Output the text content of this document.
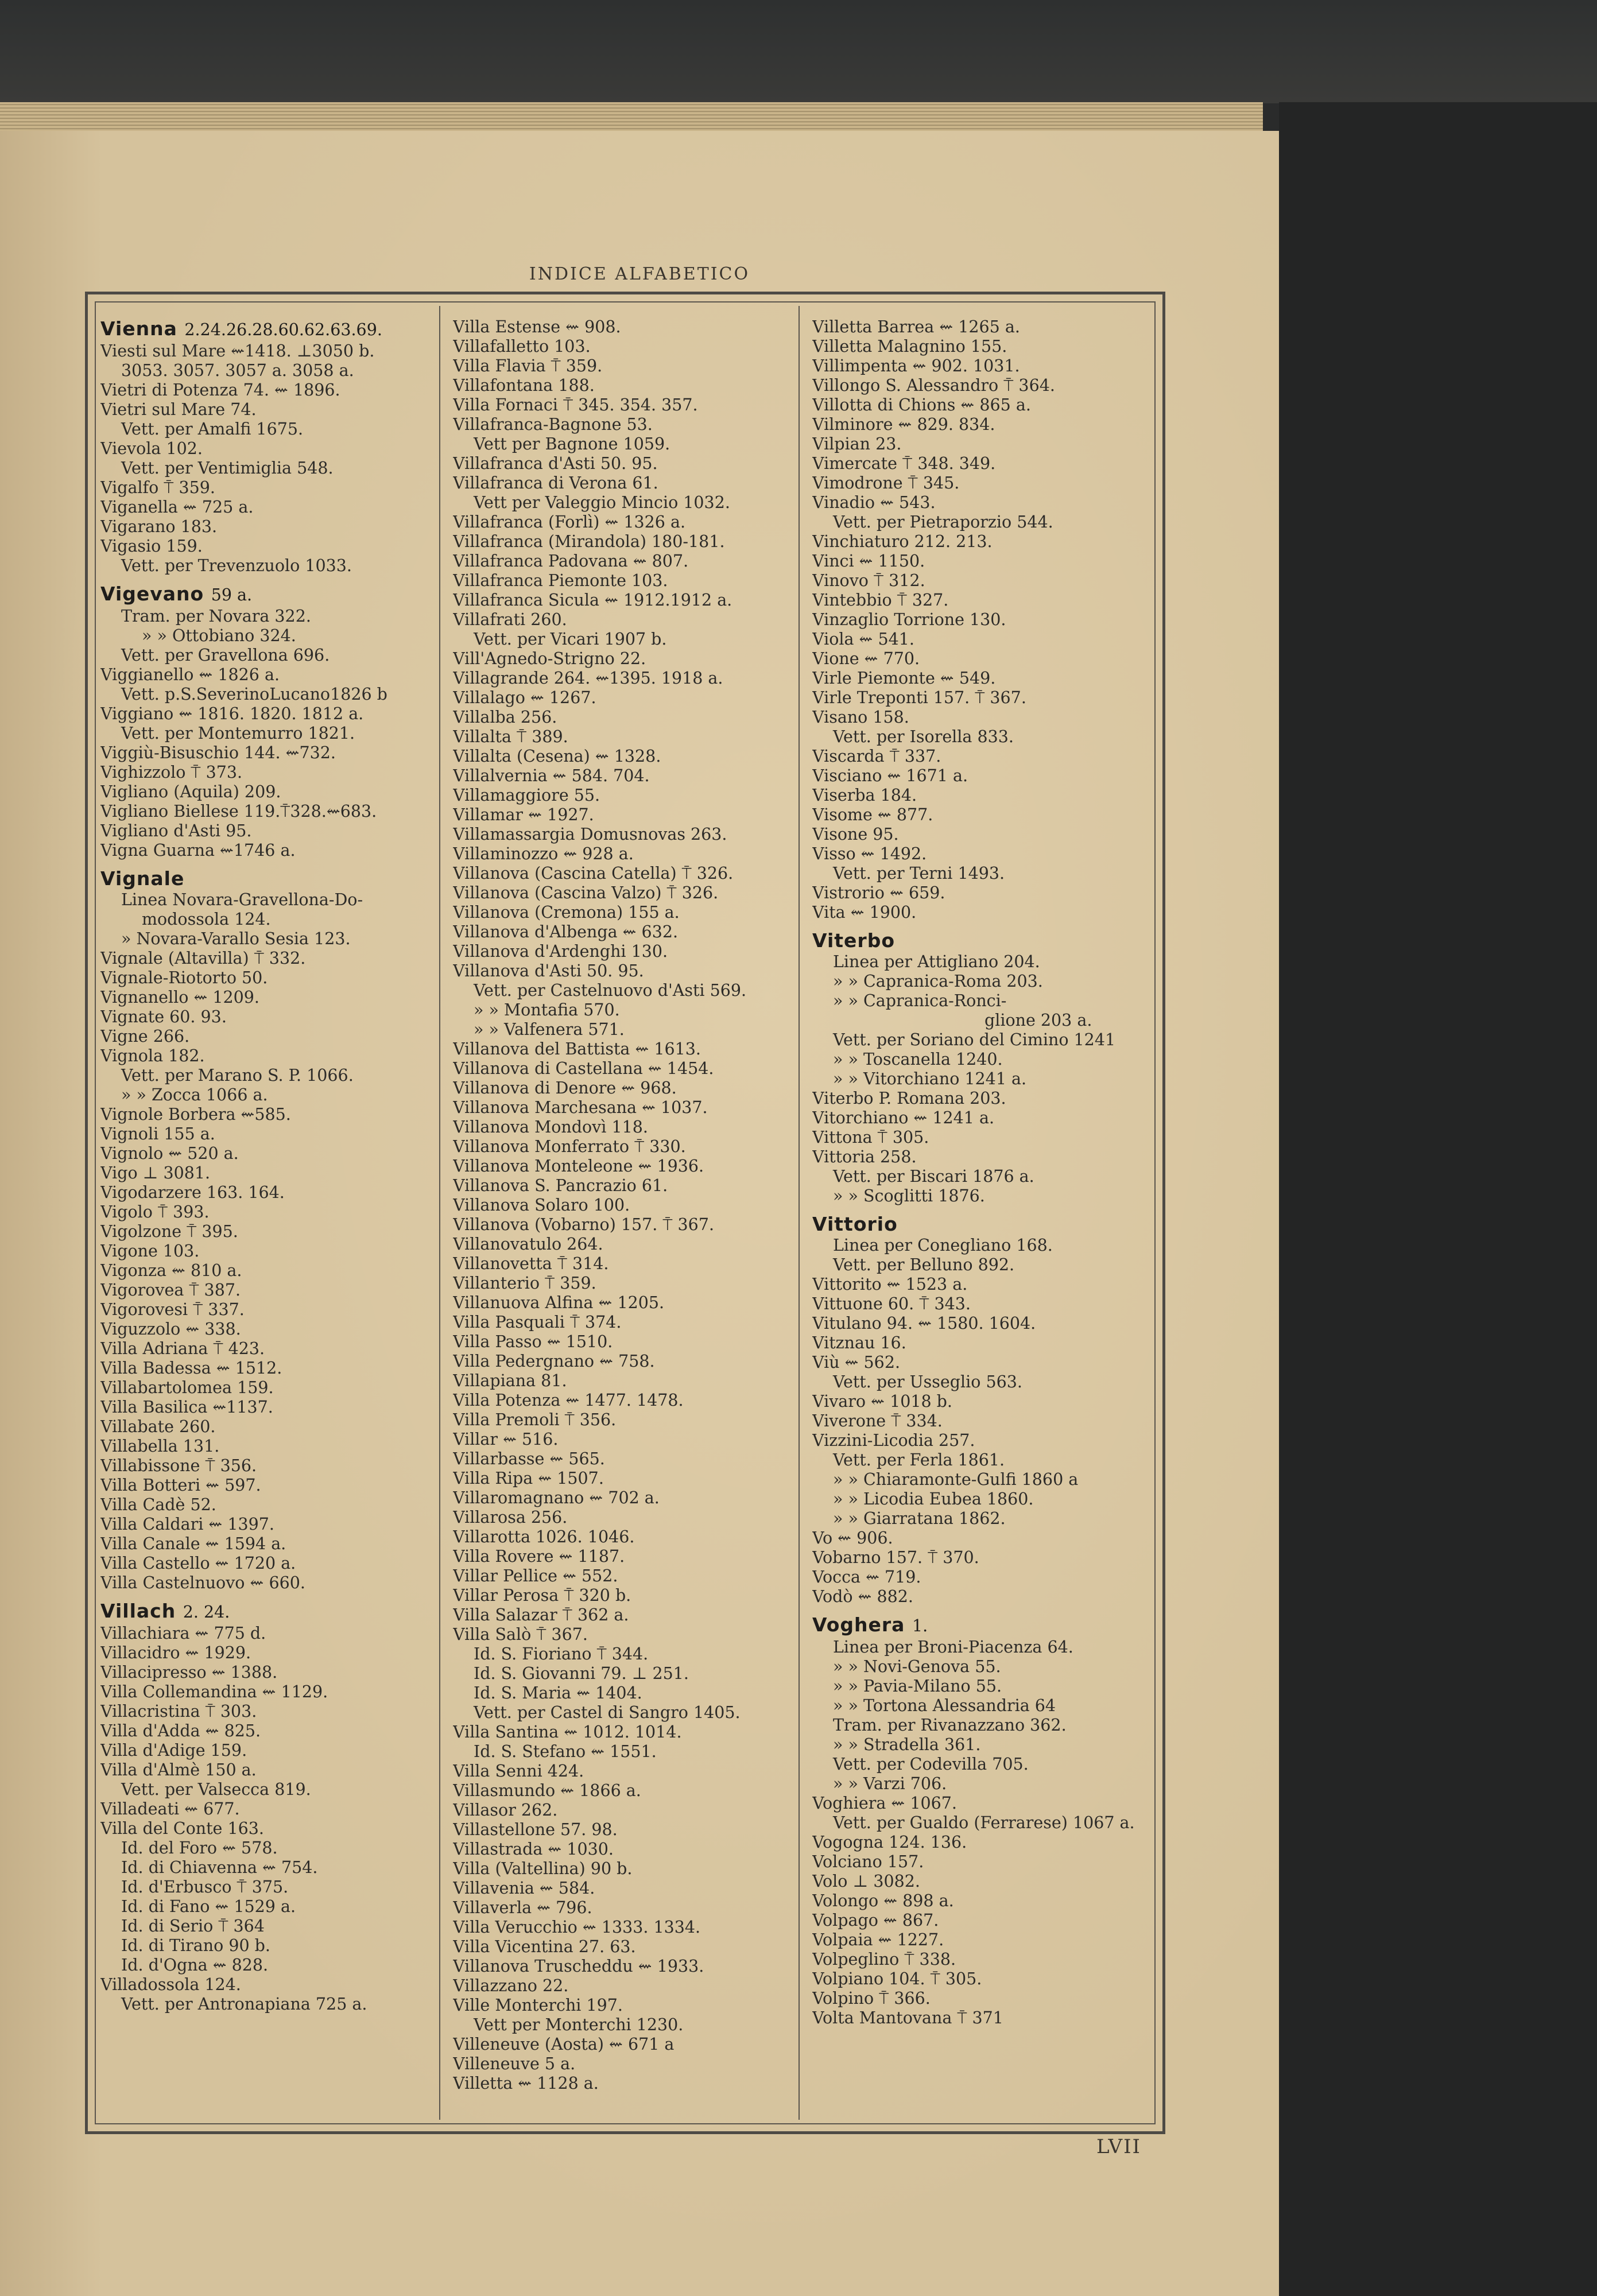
INDICE ALFABETICO
Vienna 2.24.26.28.60.62.63.69.
Viesti sul Mare ⇜1418. ⊥3050 b.
3053. 3057. 3057 a. 3058 a.
Vietri di Potenza 74. ⇜ 1896.
Vietri sul Mare 74.
Vett. per Amalfi 1675.
Vievola 102.
Vett. per Ventimiglia 548.
Vigalfo ⍑ 359.
Viganella ⇜ 725 a.
Vigarano 183.
Vigasio 159.
Vett. per Trevenzuolo 1033.
Vigevano 59 a.
Tram. per Novara 322.
» » Ottobiano 324.
Vett. per Gravellona 696.
Viggianello ⇜ 1826 a.
Vett. p.S.SeverinoLucano1826 b
Viggiano ⇜ 1816. 1820. 1812 a.
Vett. per Montemurro 1821.
Viggiù-Bisuschio 144. ⇜732.
Vighizzolo ⍑ 373.
Vigliano (Aquila) 209.
Vigliano Biellese 119.⍑328.⇜683.
Vigliano d'Asti 95.
Vigna Guarna ⇜1746 a.
Vignale
Linea Novara-Gravellona-Do-
modossola 124.
» Novara-Varallo Sesia 123.
Vignale (Altavilla) ⍑ 332.
Vignale-Riotorto 50.
Vignanello ⇜ 1209.
Vignate 60. 93.
Vigne 266.
Vignola 182.
Vett. per Marano S. P. 1066.
» » Zocca 1066 a.
Vignole Borbera ⇜585.
Vignoli 155 a.
Vignolo ⇜ 520 a.
Vigo ⊥ 3081.
Vigodarzere 163. 164.
Vigolo ⍑ 393.
Vigolzone ⍑ 395.
Vigone 103.
Vigonza ⇜ 810 a.
Vigorovea ⍑ 387.
Vigorovesi ⍑ 337.
Viguzzolo ⇜ 338.
Villa Adriana ⍑ 423.
Villa Badessa ⇜ 1512.
Villabartolomea 159.
Villa Basilica ⇜1137.
Villabate 260.
Villabella 131.
Villabissone ⍑ 356.
Villa Botteri ⇜ 597.
Villa Cadè 52.
Villa Caldari ⇜ 1397.
Villa Canale ⇜ 1594 a.
Villa Castello ⇜ 1720 a.
Villa Castelnuovo ⇜ 660.
Villach 2. 24.
Villachiara ⇜ 775 d.
Villacidro ⇜ 1929.
Villacipresso ⇜ 1388.
Villa Collemandina ⇜ 1129.
Villacristina ⍑ 303.
Villa d'Adda ⇜ 825.
Villa d'Adige 159.
Villa d'Almè 150 a.
Vett. per Valsecca 819.
Villadeati ⇜ 677.
Villa del Conte 163.
Id. del Foro ⇜ 578.
Id. di Chiavenna ⇜ 754.
Id. d'Erbusco ⍑ 375.
Id. di Fano ⇜ 1529 a.
Id. di Serio ⍑ 364
Id. di Tirano 90 b.
Id. d'Ogna ⇜ 828.
Villadossola 124.
Vett. per Antronapiana 725 a.
Villa Estense ⇜ 908.
Villafalletto 103.
Villa Flavia ⍑ 359.
Villafontana 188.
Villa Fornaci ⍑ 345. 354. 357.
Villafranca-Bagnone 53.
Vett per Bagnone 1059.
Villafranca d'Asti 50. 95.
Villafranca di Verona 61.
Vett per Valeggio Mincio 1032.
Villafranca (Forlì) ⇜ 1326 a.
Villafranca (Mirandola) 180-181.
Villafranca Padovana ⇜ 807.
Villafranca Piemonte 103.
Villafranca Sicula ⇜ 1912.1912 a.
Villafrati 260.
Vett. per Vicari 1907 b.
Vill'Agnedo-Strigno 22.
Villagrande 264. ⇜1395. 1918 a.
Villalago ⇜ 1267.
Villalba 256.
Villalta ⍑ 389.
Villalta (Cesena) ⇜ 1328.
Villalvernia ⇜ 584. 704.
Villamaggiore 55.
Villamar ⇜ 1927.
Villamassargia Domusnovas 263.
Villaminozzo ⇜ 928 a.
Villanova (Cascina Catella) ⍑ 326.
Villanova (Cascina Valzo) ⍑ 326.
Villanova (Cremona) 155 a.
Villanova d'Albenga ⇜ 632.
Villanova d'Ardenghi 130.
Villanova d'Asti 50. 95.
Vett. per Castelnuovo d'Asti 569.
» » Montafia 570.
» » Valfenera 571.
Villanova del Battista ⇜ 1613.
Villanova di Castellana ⇜ 1454.
Villanova di Denore ⇜ 968.
Villanova Marchesana ⇜ 1037.
Villanova Mondovì 118.
Villanova Monferrato ⍑ 330.
Villanova Monteleone ⇜ 1936.
Villanova S. Pancrazio 61.
Villanova Solaro 100.
Villanova (Vobarno) 157. ⍑ 367.
Villanovatulo 264.
Villanovetta ⍑ 314.
Villanterio ⍑ 359.
Villanuova Alfina ⇜ 1205.
Villa Pasquali ⍑ 374.
Villa Passo ⇜ 1510.
Villa Pedergnano ⇜ 758.
Villapiana 81.
Villa Potenza ⇜ 1477. 1478.
Villa Premoli ⍑ 356.
Villar ⇜ 516.
Villarbasse ⇜ 565.
Villa Ripa ⇜ 1507.
Villaromagnano ⇜ 702 a.
Villarosa 256.
Villarotta 1026. 1046.
Villa Rovere ⇜ 1187.
Villar Pellice ⇜ 552.
Villar Perosa ⍑ 320 b.
Villa Salazar ⍑ 362 a.
Villa Salò ⍑ 367.
Id. S. Fioriano ⍑ 344.
Id. S. Giovanni 79. ⊥ 251.
Id. S. Maria ⇜ 1404.
Vett. per Castel di Sangro 1405.
Villa Santina ⇜ 1012. 1014.
Id. S. Stefano ⇜ 1551.
Villa Senni 424.
Villasmundo ⇜ 1866 a.
Villasor 262.
Villastellone 57. 98.
Villastrada ⇜ 1030.
Villa (Valtellina) 90 b.
Villavenia ⇜ 584.
Villaverla ⇜ 796.
Villa Verucchio ⇜ 1333. 1334.
Villa Vicentina 27. 63.
Villanova Truscheddu ⇜ 1933.
Villazzano 22.
Ville Monterchi 197.
Vett per Monterchi 1230.
Villeneuve (Aosta) ⇜ 671 a
Villeneuve 5 a.
Villetta ⇜ 1128 a.
Villetta Barrea ⇜ 1265 a.
Villetta Malagnino 155.
Villimpenta ⇜ 902. 1031.
Villongo S. Alessandro ⍑ 364.
Villotta di Chions ⇜ 865 a.
Vilminore ⇜ 829. 834.
Vilpian 23.
Vimercate ⍑ 348. 349.
Vimodrone ⍑ 345.
Vinadio ⇜ 543.
Vett. per Pietraporzio 544.
Vinchiaturo 212. 213.
Vinci ⇜ 1150.
Vinovo ⍑ 312.
Vintebbio ⍑ 327.
Vinzaglio Torrione 130.
Viola ⇜ 541.
Vione ⇜ 770.
Virle Piemonte ⇜ 549.
Virle Treponti 157. ⍑ 367.
Visano 158.
Vett. per Isorella 833.
Viscarda ⍑ 337.
Visciano ⇜ 1671 a.
Viserba 184.
Visome ⇜ 877.
Visone 95.
Visso ⇜ 1492.
Vett. per Terni 1493.
Vistrorio ⇜ 659.
Vita ⇜ 1900.
Viterbo
Linea per Attigliano 204.
» » Capranica-Roma 203.
» » Capranica-Ronci-
glione 203 a.
Vett. per Soriano del Cimino 1241
» » Toscanella 1240.
» » Vitorchiano 1241 a.
Viterbo P. Romana 203.
Vitorchiano ⇜ 1241 a.
Vittona ⍑ 305.
Vittoria 258.
Vett. per Biscari 1876 a.
» » Scoglitti 1876.
Vittorio
Linea per Conegliano 168.
Vett. per Belluno 892.
Vittorito ⇜ 1523 a.
Vittuone 60. ⍑ 343.
Vitulano 94. ⇜ 1580. 1604.
Vitznau 16.
Viù ⇜ 562.
Vett. per Usseglio 563.
Vivaro ⇜ 1018 b.
Viverone ⍑ 334.
Vizzini-Licodia 257.
Vett. per Ferla 1861.
» » Chiaramonte-Gulfi 1860 a
» » Licodia Eubea 1860.
» » Giarratana 1862.
Vo ⇜ 906.
Vobarno 157. ⍑ 370.
Vocca ⇜ 719.
Vodò ⇜ 882.
Voghera 1.
Linea per Broni-Piacenza 64.
» » Novi-Genova 55.
» » Pavia-Milano 55.
» » Tortona Alessandria 64
Tram. per Rivanazzano 362.
» » Stradella 361.
Vett. per Codevilla 705.
» » Varzi 706.
Voghiera ⇜ 1067.
Vett. per Gualdo (Ferrarese) 1067 a.
Vogogna 124. 136.
Volciano 157.
Volo ⊥ 3082.
Volongo ⇜ 898 a.
Volpago ⇜ 867.
Volpaia ⇜ 1227.
Volpeglino ⍑ 338.
Volpiano 104. ⍑ 305.
Volpino ⍑ 366.
Volta Mantovana ⍑ 371
LVII
